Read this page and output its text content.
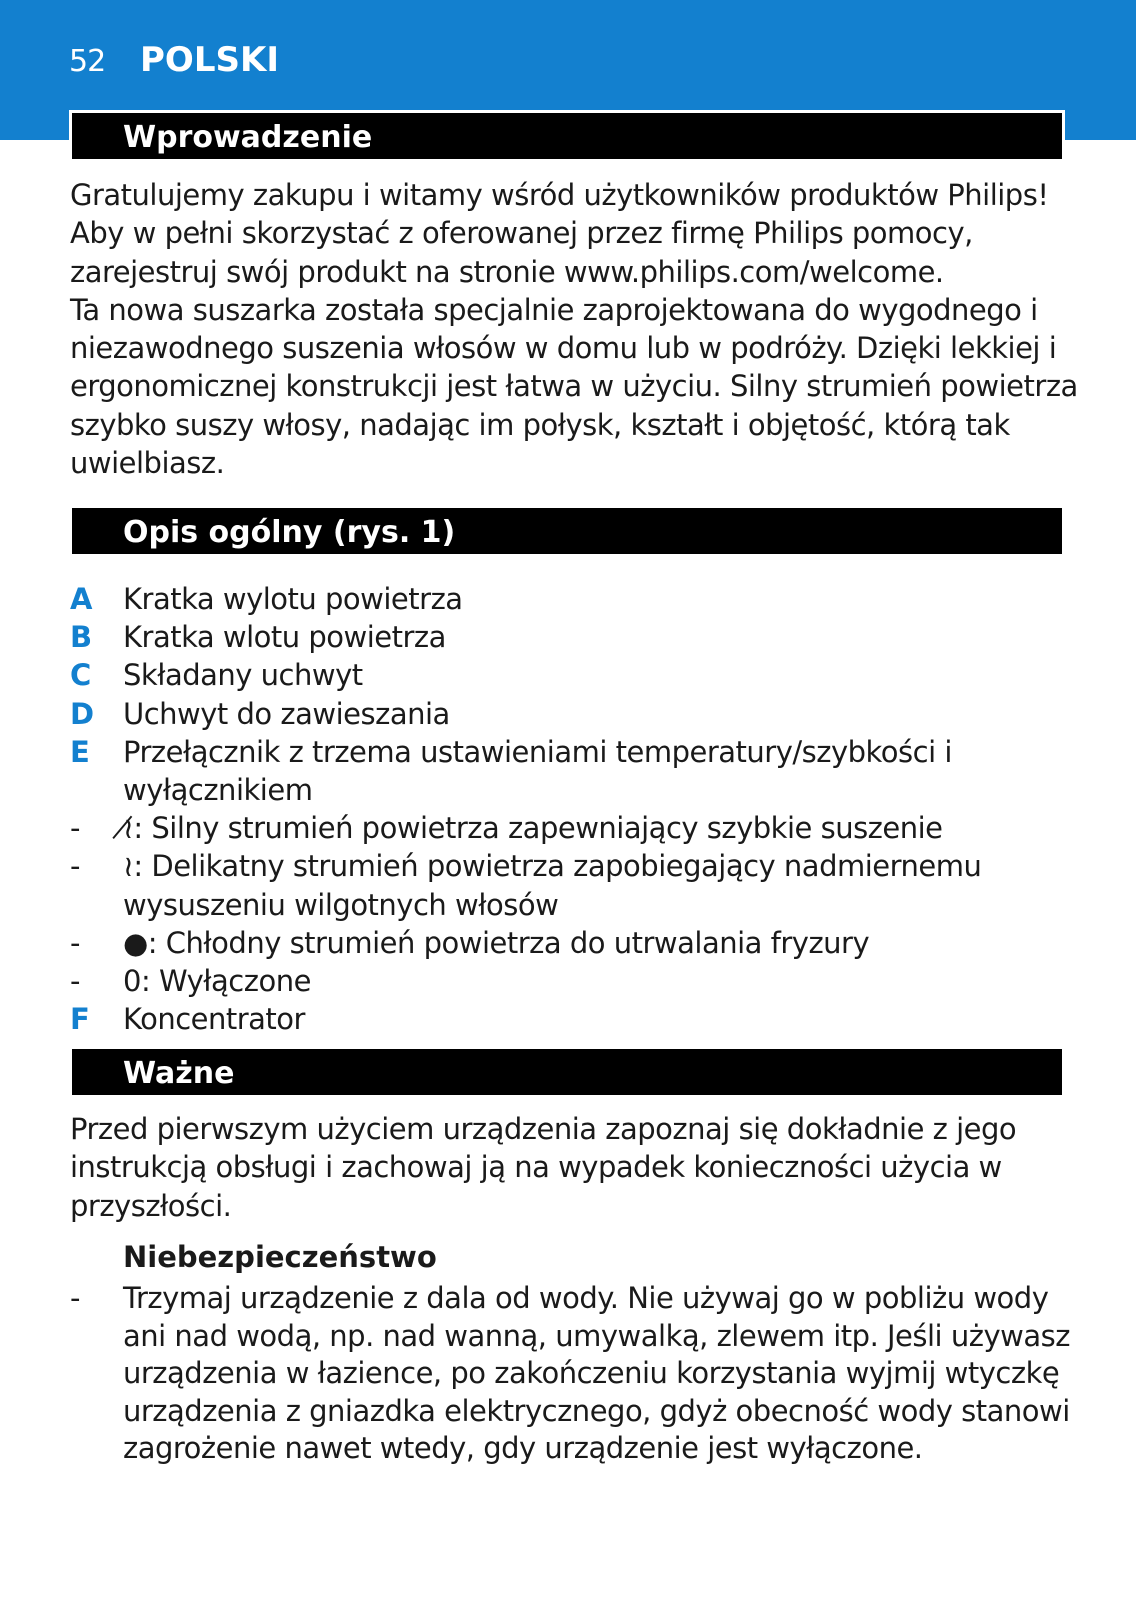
52 POLSKI
Wprowadzenie
Gratulujemy zakupu i witamy wśród użytkowników produktów Philips!
Aby w pełni skorzystać z oferowanej przez firmę Philips pomocy,
zarejestruj swój produkt na stronie www.philips.com/welcome.
Ta nowa suszarka została specjalnie zaprojektowana do wygodnego i
niezawodnego suszenia włosów w domu lub w podróży. Dzięki lekkiej i
ergonomicznej konstrukcji jest łatwa w użyciu. Silny strumień powietrza
szybko suszy włosy, nadając im połysk, kształt i objętość, którą tak
uwielbiasz.
Opis ogólny (rys. 1)
A	Kratka wylotu powietrza
B	Kratka wlotu powietrza
C	Składany uchwyt
D	Uchwyt do zawieszania
E	Przełącznik z trzema ustawieniami temperatury/szybkości i
wyłącznikiem
-	≀̸: Silny strumień powietrza zapewniający szybkie suszenie
-	≀: Delikatny strumień powietrza zapobiegający nadmiernemu
wysuszeniu wilgotnych włosów
-	●: Chłodny strumień powietrza do utrwalania fryzury
-	0: Wyłączone
F	Koncentrator
Ważne
Przed pierwszym użyciem urządzenia zapoznaj się dokładnie z jego
instrukcją obsługi i zachowaj ją na wypadek konieczności użycia w
przyszłości.
Niebezpieczeństwo
-	Trzymaj urządzenie z dala od wody. Nie używaj go w pobliżu wody
ani nad wodą, np. nad wanną, umywalką, zlewem itp. Jeśli używasz
urządzenia w łazience, po zakończeniu korzystania wyjmij wtyczkę
urządzenia z gniazdka elektrycznego, gdyż obecność wody stanowi
zagrożenie nawet wtedy, gdy urządzenie jest wyłączone.
